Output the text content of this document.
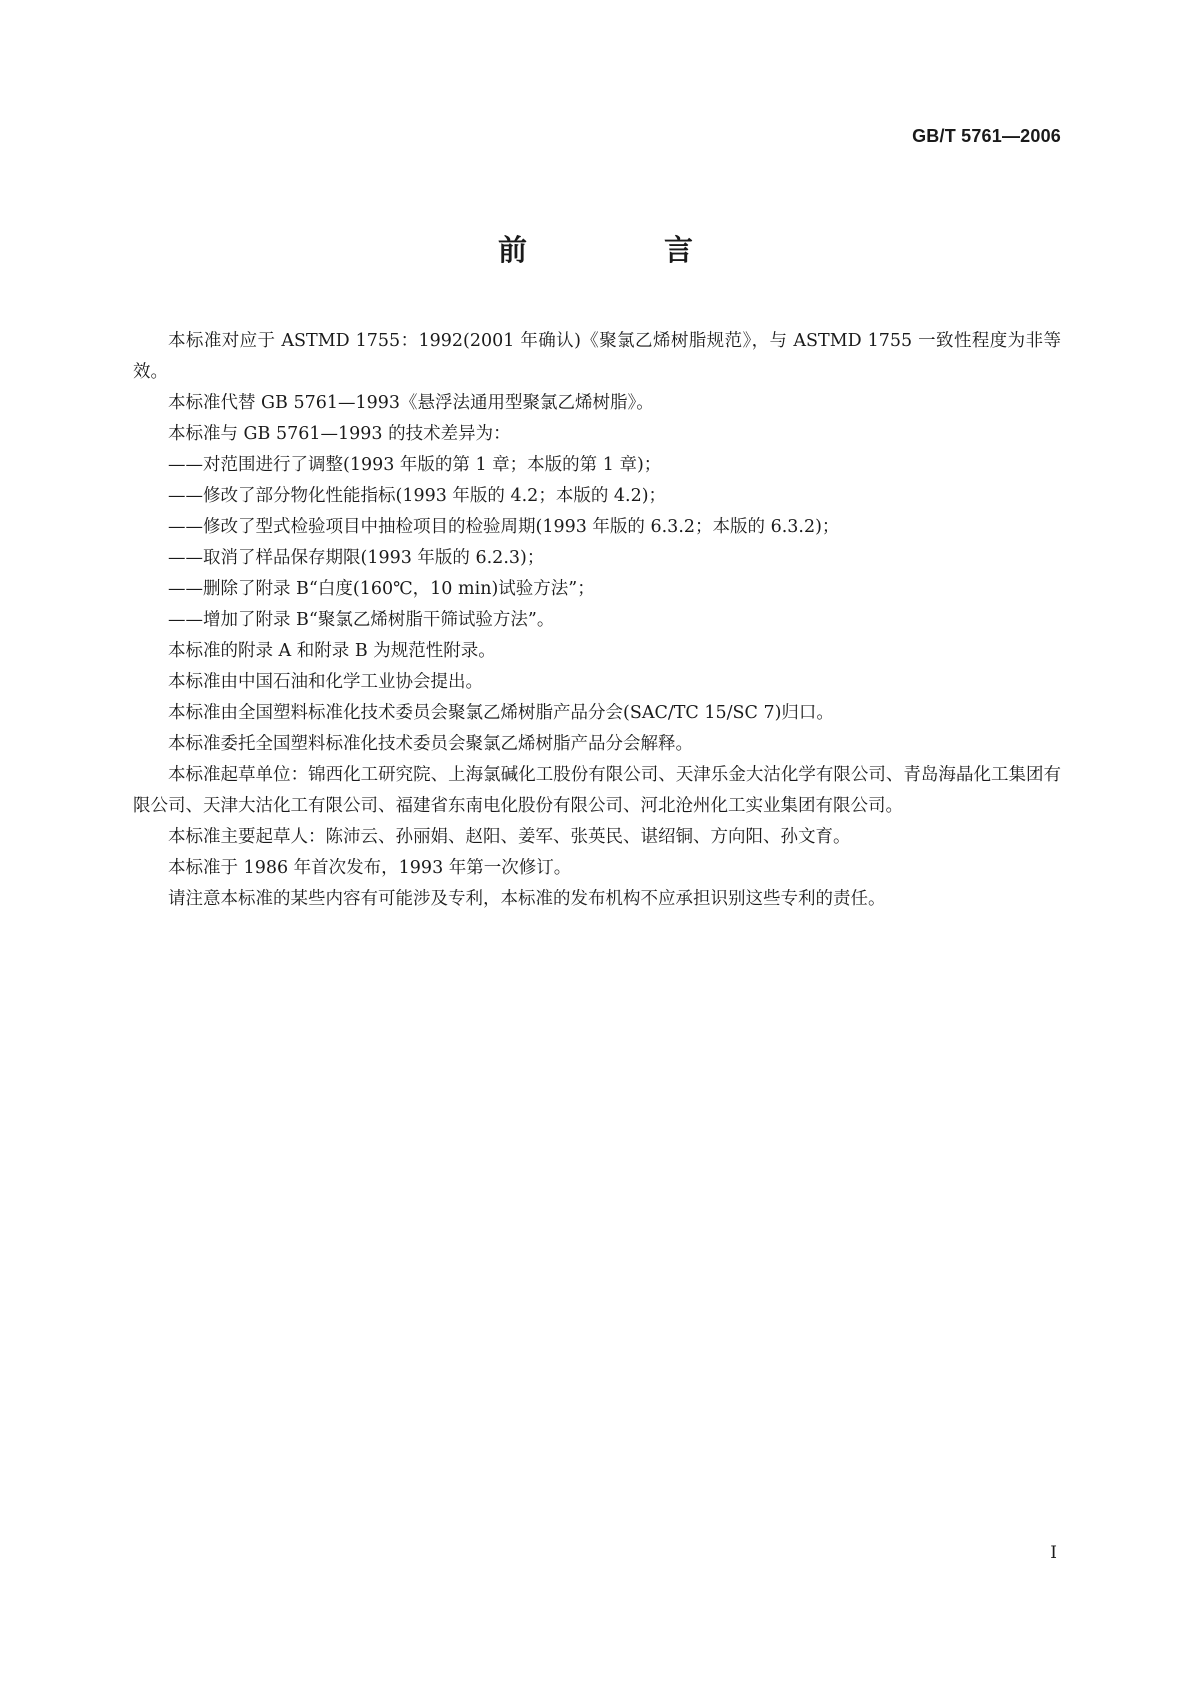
GB/T 5761—2006
前　言

本标准对应于 ASTMD 1755：1992(2001 年确认)《聚氯乙烯树脂规范》，与 ASTMD 1755 一致性程度为非等效。

本标准代替 GB 5761—1993《悬浮法通用型聚氯乙烯树脂》。

本标准与 GB 5761—1993 的技术差异为：

——对范围进行了调整(1993 年版的第 1 章；本版的第 1 章)；

——修改了部分物化性能指标(1993 年版的 4.2；本版的 4.2)；

——修改了型式检验项目中抽检项目的检验周期(1993 年版的 6.3.2；本版的 6.3.2)；

——取消了样品保存期限(1993 年版的 6.2.3)；

——删除了附录 B“白度(160℃，10 min)试验方法”；

——增加了附录 B“聚氯乙烯树脂干筛试验方法”。

本标准的附录 A 和附录 B 为规范性附录。

本标准由中国石油和化学工业协会提出。

本标准由全国塑料标准化技术委员会聚氯乙烯树脂产品分会(SAC/TC 15/SC 7)归口。

本标准委托全国塑料标准化技术委员会聚氯乙烯树脂产品分会解释。

本标准起草单位：锦西化工研究院、上海氯碱化工股份有限公司、天津乐金大沽化学有限公司、青岛海晶化工集团有限公司、天津大沽化工有限公司、福建省东南电化股份有限公司、河北沧州化工实业集团有限公司。

本标准主要起草人：陈沛云、孙丽娟、赵阳、姜军、张英民、谌绍铜、方向阳、孙文育。

本标准于 1986 年首次发布，1993 年第一次修订。

请注意本标准的某些内容有可能涉及专利，本标准的发布机构不应承担识别这些专利的责任。

I
